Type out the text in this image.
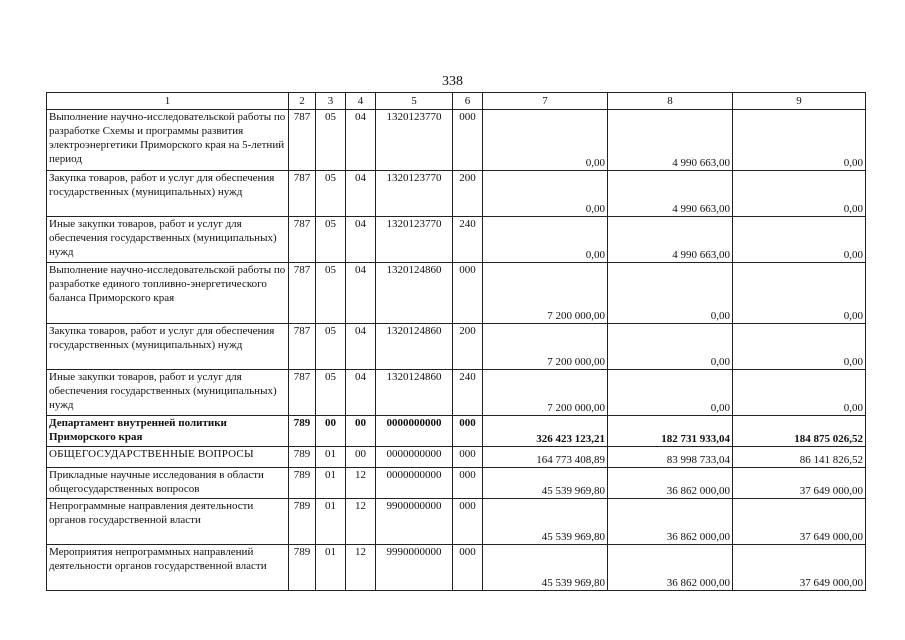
338
1	2	3	4	5	6	7	8	9
Выполнение научно-исследовательской работы по разработке Схемы и программы развития электроэнергетики Приморского края на 5-летний период	787	05	04	1320123770	000	0,00	4 990 663,00	0,00
Закупка товаров, работ и услуг для обеспечения государственных (муниципальных) нужд	787	05	04	1320123770	200	0,00	4 990 663,00	0,00
Иные закупки товаров, работ и услуг для обеспечения государственных (муниципальных) нужд	787	05	04	1320123770	240	0,00	4 990 663,00	0,00
Выполнение научно-исследовательской работы по разработке единого топливно-энергетического баланса Приморского края	787	05	04	1320124860	000	7 200 000,00	0,00	0,00
Закупка товаров, работ и услуг для обеспечения государственных (муниципальных) нужд	787	05	04	1320124860	200	7 200 000,00	0,00	0,00
Иные закупки товаров, работ и услуг для обеспечения государственных (муниципальных) нужд	787	05	04	1320124860	240	7 200 000,00	0,00	0,00
Департамент внутренней политики Приморского края	789	00	00	0000000000	000	326 423 123,21	182 731 933,04	184 875 026,52
ОБЩЕГОСУДАРСТВЕННЫЕ ВОПРОСЫ	789	01	00	0000000000	000	164 773 408,89	83 998 733,04	86 141 826,52
Прикладные научные исследования в области общегосударственных вопросов	789	01	12	0000000000	000	45 539 969,80	36 862 000,00	37 649 000,00
Непрограммные направления деятельности органов государственной власти	789	01	12	9900000000	000	45 539 969,80	36 862 000,00	37 649 000,00
Мероприятия непрограммных направлений деятельности органов государственной власти	789	01	12	9990000000	000	45 539 969,80	36 862 000,00	37 649 000,00
